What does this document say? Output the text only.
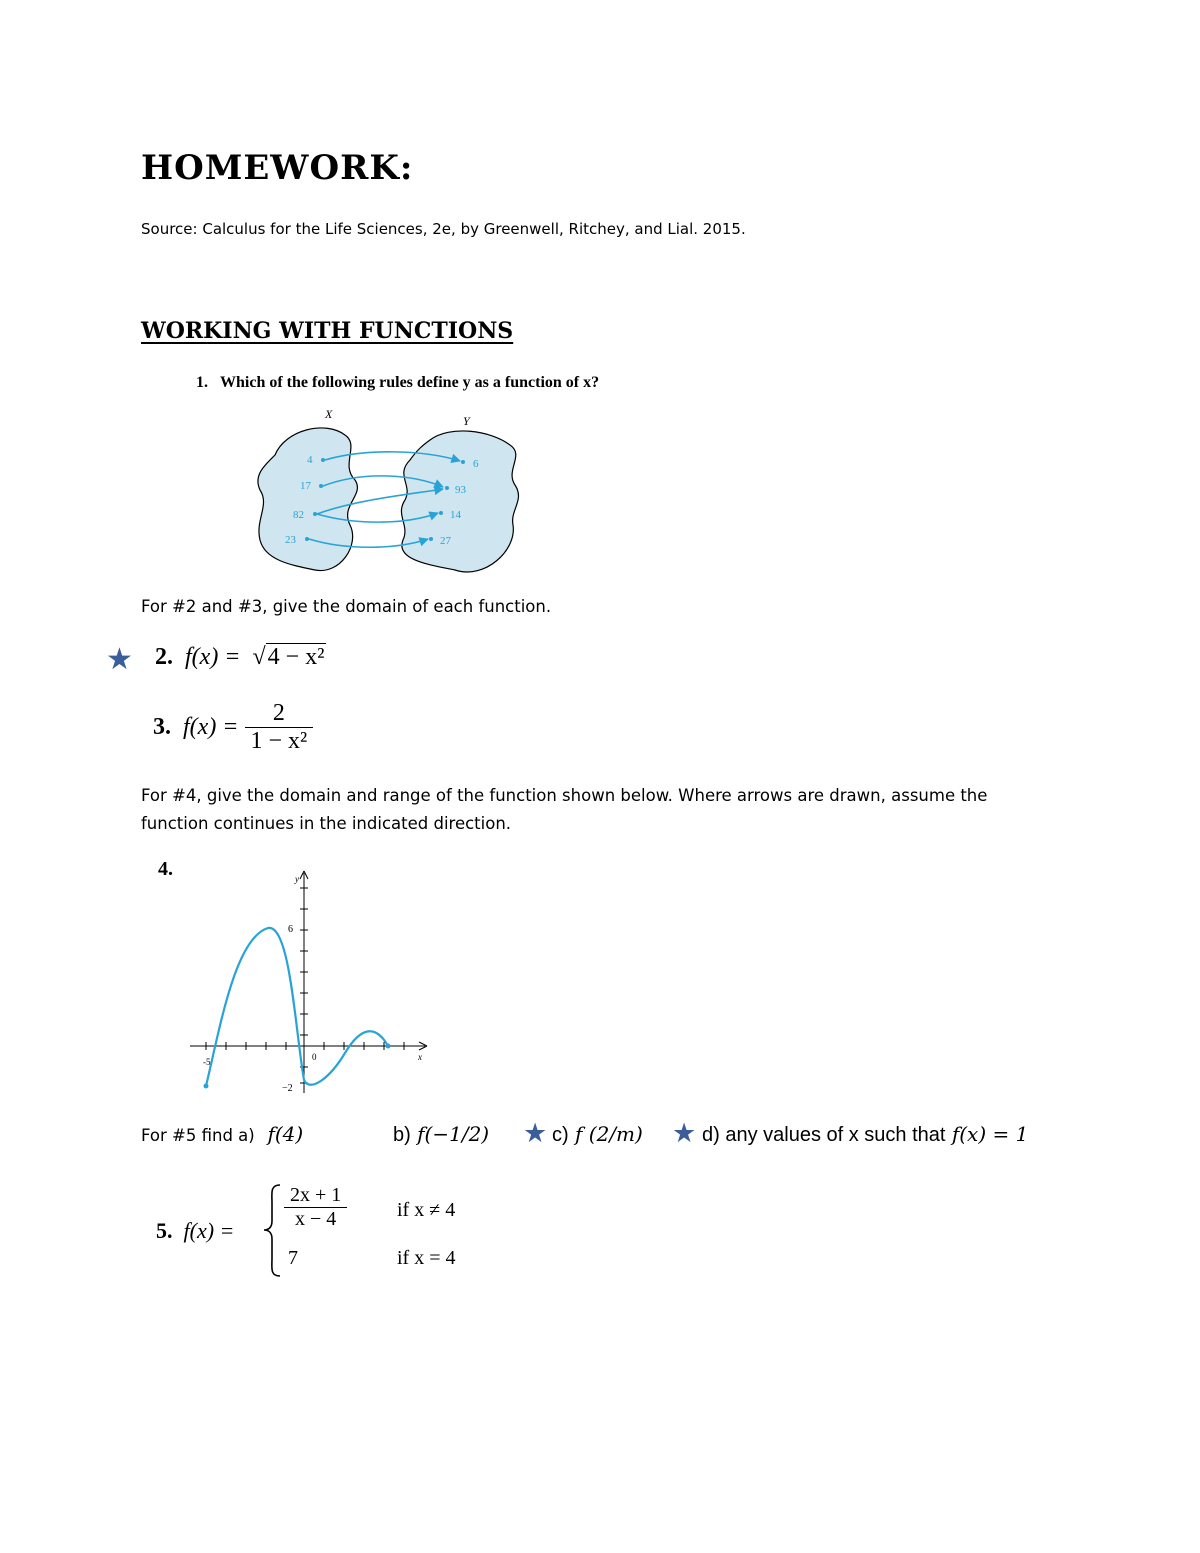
HOMEWORK:
Source: Calculus for the Life Sciences, 2e, by Greenwell, Ritchey, and Lial. 2015.
WORKING WITH FUNCTIONS
1. Which of the following rules define y as a function of x?
X	Y
4
17
82
23
6
93
14
27
For #2 and #3, give the domain of each function.
★ 2. f(x) = √4 − x²
3. $f(x) = \frac{2}{\text{1 − x²}}$
For #4, give the domain and range of the function shown below. Where arrows are drawn, assume the
function continues in the indicated direction.
4.	y
x
6
−2
-5	0
For #5 find a) f(4)	b) f(−1/2) ★ c) f (2/m) ★ d) any values of x such that f(x) = 1
5. $f(x) = \frac{2x + 1}{x - 4}$ if x ≠ 4
7	if x = 4
